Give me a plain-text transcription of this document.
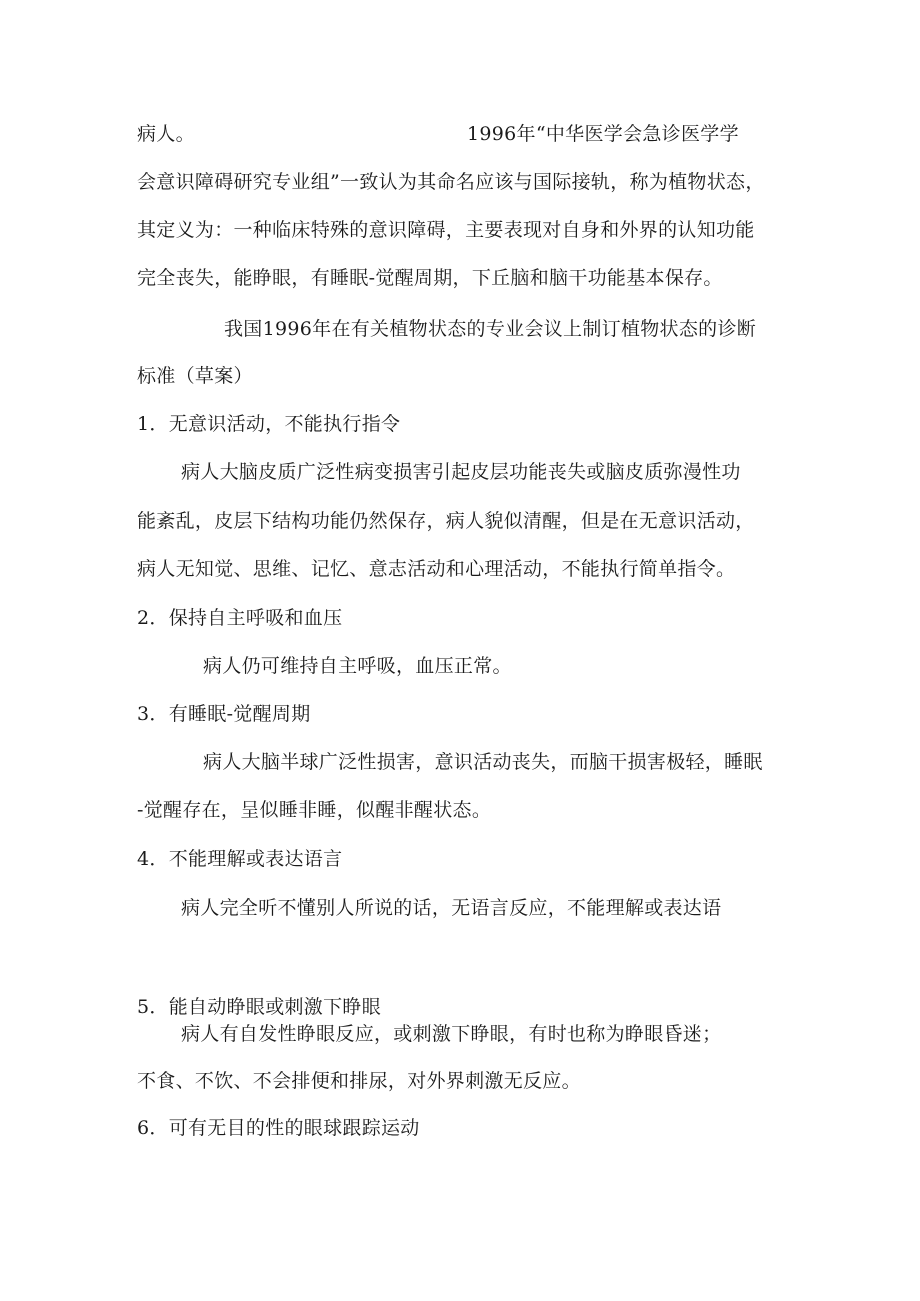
病人。	1996年“中华医学会急诊医学学
会意识障碍研究专业组”一致认为其命名应该与国际接轨，称为植物状态，
其定义为：一种临床特殊的意识障碍，主要表现对自身和外界的认知功能
完全丧失，能睁眼，有睡眠-觉醒周期，下丘脑和脑干功能基本保存。
我国1996年在有关植物状态的专业会议上制订植物状态的诊断
标准（草案）
1．无意识活动，不能执行指令
病人大脑皮质广泛性病变损害引起皮层功能丧失或脑皮质弥漫性功
能紊乱，皮层下结构功能仍然保存，病人貌似清醒，但是在无意识活动，
病人无知觉、思维、记忆、意志活动和心理活动，不能执行简单指令。
2．保持自主呼吸和血压
病人仍可维持自主呼吸，血压正常。
3．有睡眠-觉醒周期
病人大脑半球广泛性损害，意识活动丧失，而脑干损害极轻，睡眠
-觉醒存在，呈似睡非睡，似醒非醒状态。
4．不能理解或表达语言
病人完全听不懂别人所说的话，无语言反应，不能理解或表达语
5．能自动睁眼或刺激下睁眼
病人有自发性睁眼反应，或刺激下睁眼，有时也称为睁眼昏迷；
不食、不饮、不会排便和排尿，对外界刺激无反应。
6．可有无目的性的眼球跟踪运动
